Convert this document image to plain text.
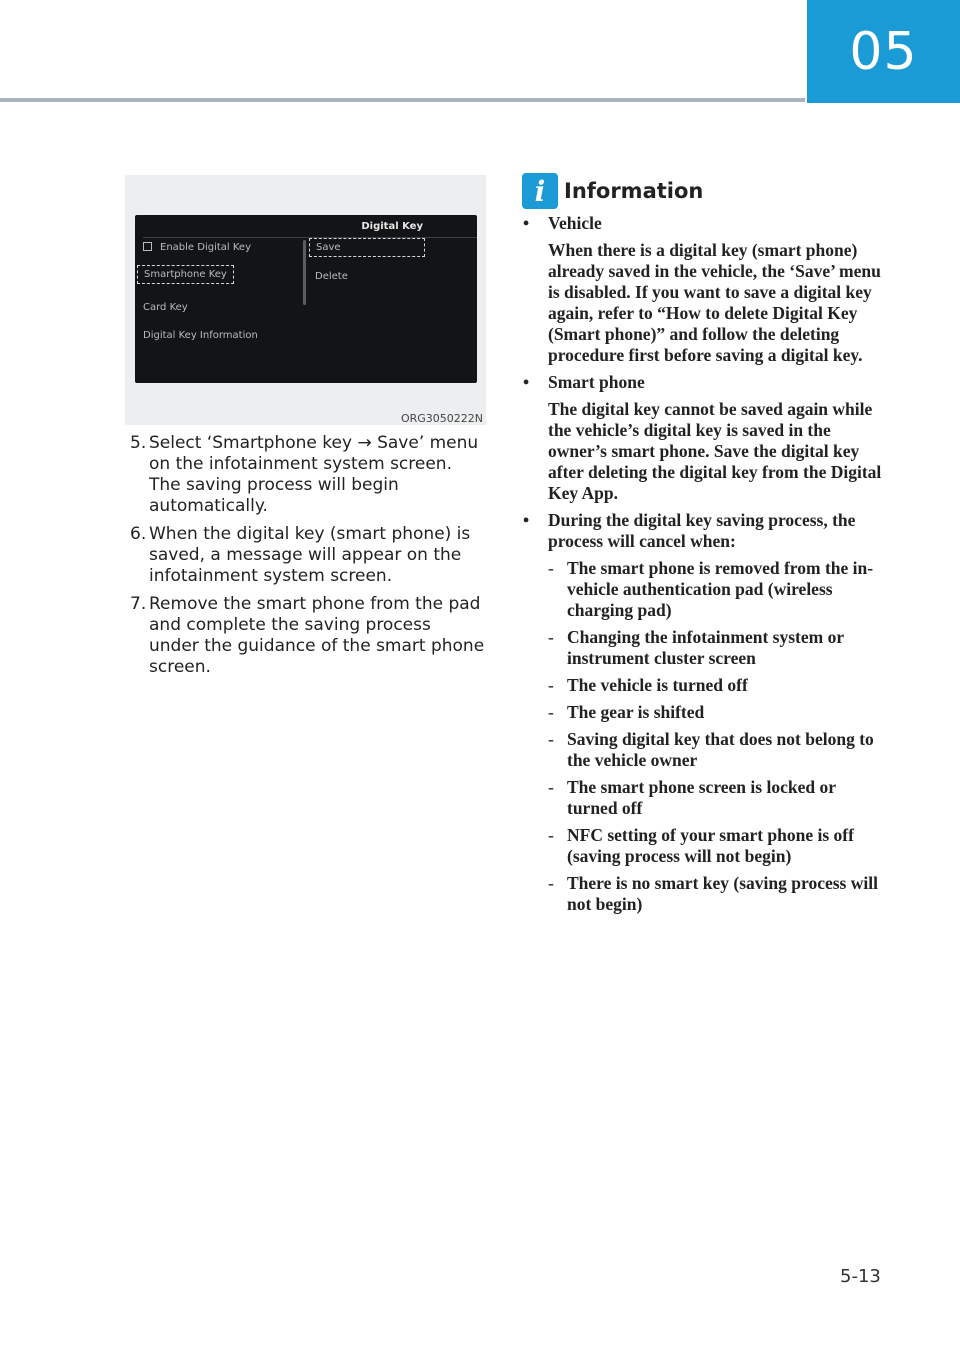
05
Digital Key
Enable Digital Key
Smartphone Key
Card Key
Digital Key Information
Save
Delete
ORG3050222N
5. Select ‘Smartphone key → Save’ menu on the infotainment system screen. The saving process will begin automatically.
6. When the digital key (smart phone) is saved, a message will appear on the infotainment system screen.
7. Remove the smart phone from the pad and complete the saving process under the guidance of the smart phone screen.
i Information
•	Vehicle

When there is a digital key (smart phone) already saved in the vehicle, the ‘Save’ menu is disabled. If you want to save a digital key again, refer to “How to delete Digital Key (Smart phone)” and follow the deleting procedure first before saving a digital key.

•	Smart phone

The digital key cannot be saved again while the vehicle’s digital key is saved in the owner’s smart phone. Save the digital key after deleting the digital key from the Digital Key App.

•	During the digital key saving process, the process will cancel when:

- The smart phone is removed from the in-vehicle authentication pad (wireless charging pad)
- Changing the infotainment system or instrument cluster screen
- The vehicle is turned off
- The gear is shifted
- Saving digital key that does not belong to the vehicle owner
- The smart phone screen is locked or turned off
- NFC setting of your smart phone is off (saving process will not begin)
- There is no smart key (saving process will not begin)
5-13
